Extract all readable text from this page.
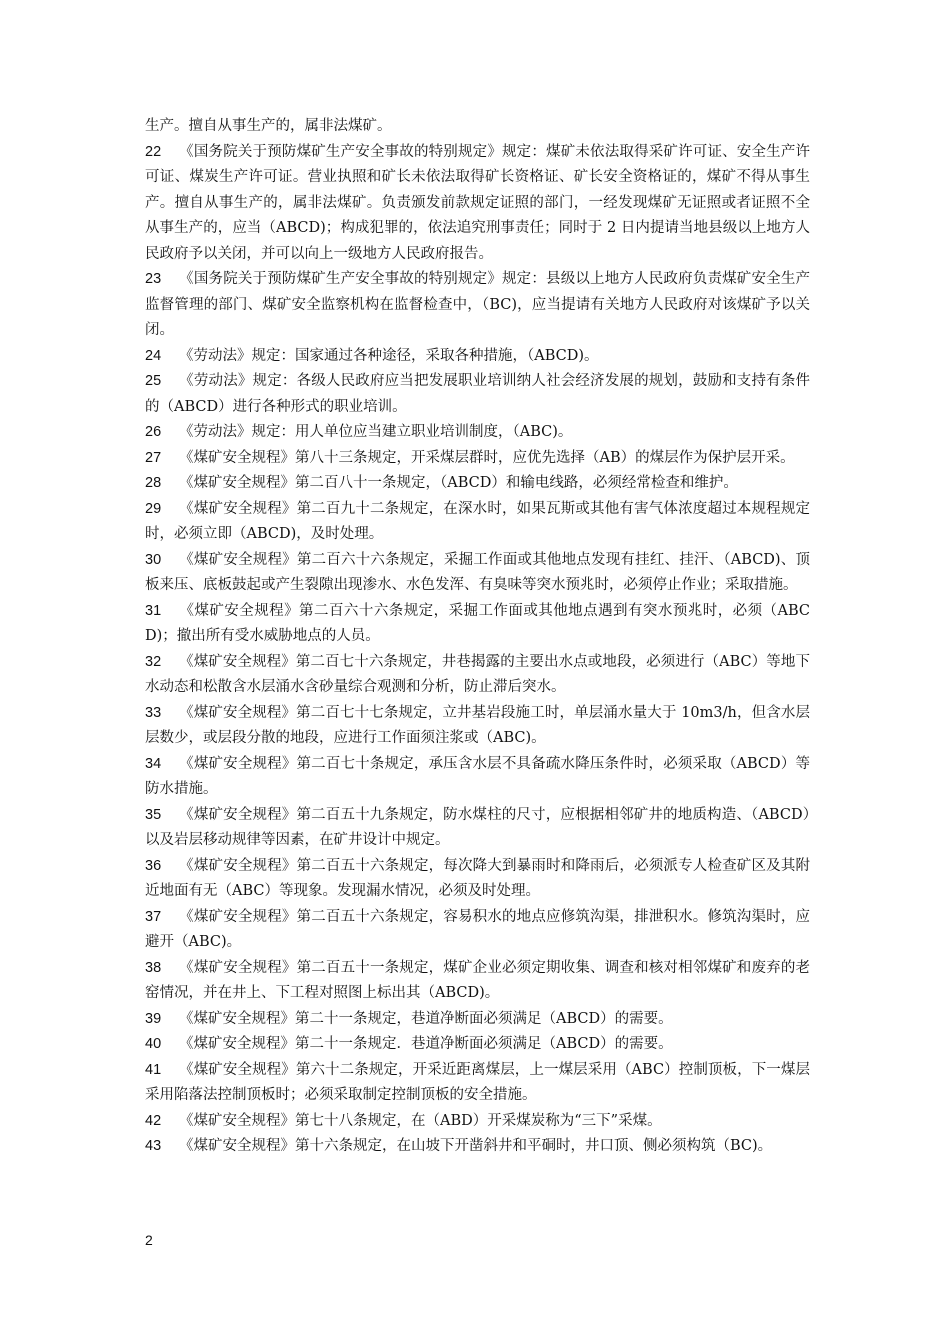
生产。擅自从事生产的，属非法煤矿。

22 《国务院关于预防煤矿生产安全事故的特别规定》规定：煤矿未依法取得采矿许可证、安全生产许可证、煤炭生产许可证。营业执照和矿长未依法取得矿长资格证、矿长安全资格证的，煤矿不得从事生产。擅自从事生产的，属非法煤矿。负责颁发前款规定证照的部门，一经发现煤矿无证照或者证照不全从事生产的，应当（ABCD)；构成犯罪的，依法追究刑事责任；同时于 2 日内提请当地县级以上地方人民政府予以关闭，并可以向上一级地方人民政府报告。

23 《国务院关于预防煤矿生产安全事故的特别规定》规定：县级以上地方人民政府负责煤矿安全生产监督管理的部门、煤矿安全监察机构在监督检查中，（BC)，应当提请有关地方人民政府对该煤矿予以关闭。

24 《劳动法》规定：国家通过各种途径，采取各种措施，（ABCD)。

25 《劳动法》规定：各级人民政府应当把发展职业培训纳人社会经济发展的规划，鼓励和支持有条件的（ABCD）进行各种形式的职业培训。

26 《劳动法》规定：用人单位应当建立职业培训制度，（ABC)。

27 《煤矿安全规程》第八十三条规定，开采煤层群时，应优先选择（AB）的煤层作为保护层开采。

28 《煤矿安全规程》第二百八十一条规定，（ABCD）和输电线路，必须经常检查和维护。

29 《煤矿安全规程》第二百九十二条规定，在深水时，如果瓦斯或其他有害气体浓度超过本规程规定时，必须立即（ABCD)，及时处理。

30 《煤矿安全规程》第二百六十六条规定，采掘工作面或其他地点发现有挂红、挂汗、（ABCD)、顶板来压、底板鼓起或产生裂隙出现渗水、水色发浑、有臭味等突水预兆时，必须停止作业；采取措施。

31 《煤矿安全规程》第二百六十六条规定，采掘工作面或其他地点遇到有突水预兆时，必须（ABCD)；撤出所有受水威胁地点的人员。

32 《煤矿安全规程》第二百七十六条规定，井巷揭露的主要出水点或地段，必须进行（ABC）等地下水动态和松散含水层涌水含砂量综合观测和分析，防止滞后突水。

33 《煤矿安全规程》第二百七十七条规定，立井基岩段施工时，单层涌水量大于 10m3/h，但含水层层数少，或层段分散的地段，应进行工作面须注浆或（ABC)。

34 《煤矿安全规程》第二百七十条规定，承压含水层不具备疏水降压条件时，必须采取（ABCD）等防水措施。

35 《煤矿安全规程》第二百五十九条规定，防水煤柱的尺寸，应根据相邻矿井的地质构造、（ABCD）以及岩层移动规律等因素，在矿井设计中规定。

36 《煤矿安全规程》第二百五十六条规定，每次降大到暴雨时和降雨后，必须派专人检查矿区及其附近地面有无（ABC）等现象。发现漏水情况，必须及时处理。

37 《煤矿安全规程》第二百五十六条规定，容易积水的地点应修筑沟渠，排泄积水。修筑沟渠时，应避开（ABC)。

38 《煤矿安全规程》第二百五十一条规定，煤矿企业必须定期收集、调查和核对相邻煤矿和废弃的老窑情况，并在井上、下工程对照图上标出其（ABCD)。

39 《煤矿安全规程》第二十一条规定，巷道净断面必须满足（ABCD）的需要。

40 《煤矿安全规程》第二十一条规定．巷道净断面必须满足（ABCD）的需要。

41 《煤矿安全规程》第六十二条规定，开采近距离煤层，上一煤层采用（ABC）控制顶板，下一煤层采用陷落法控制顶板时；必须采取制定控制顶板的安全措施。

42 《煤矿安全规程》第七十八条规定，在（ABD）开采煤炭称为“三下”采煤。

43 《煤矿安全规程》第十六条规定，在山坡下开凿斜井和平硐时，井口顶、侧必须构筑（BC)。

2
